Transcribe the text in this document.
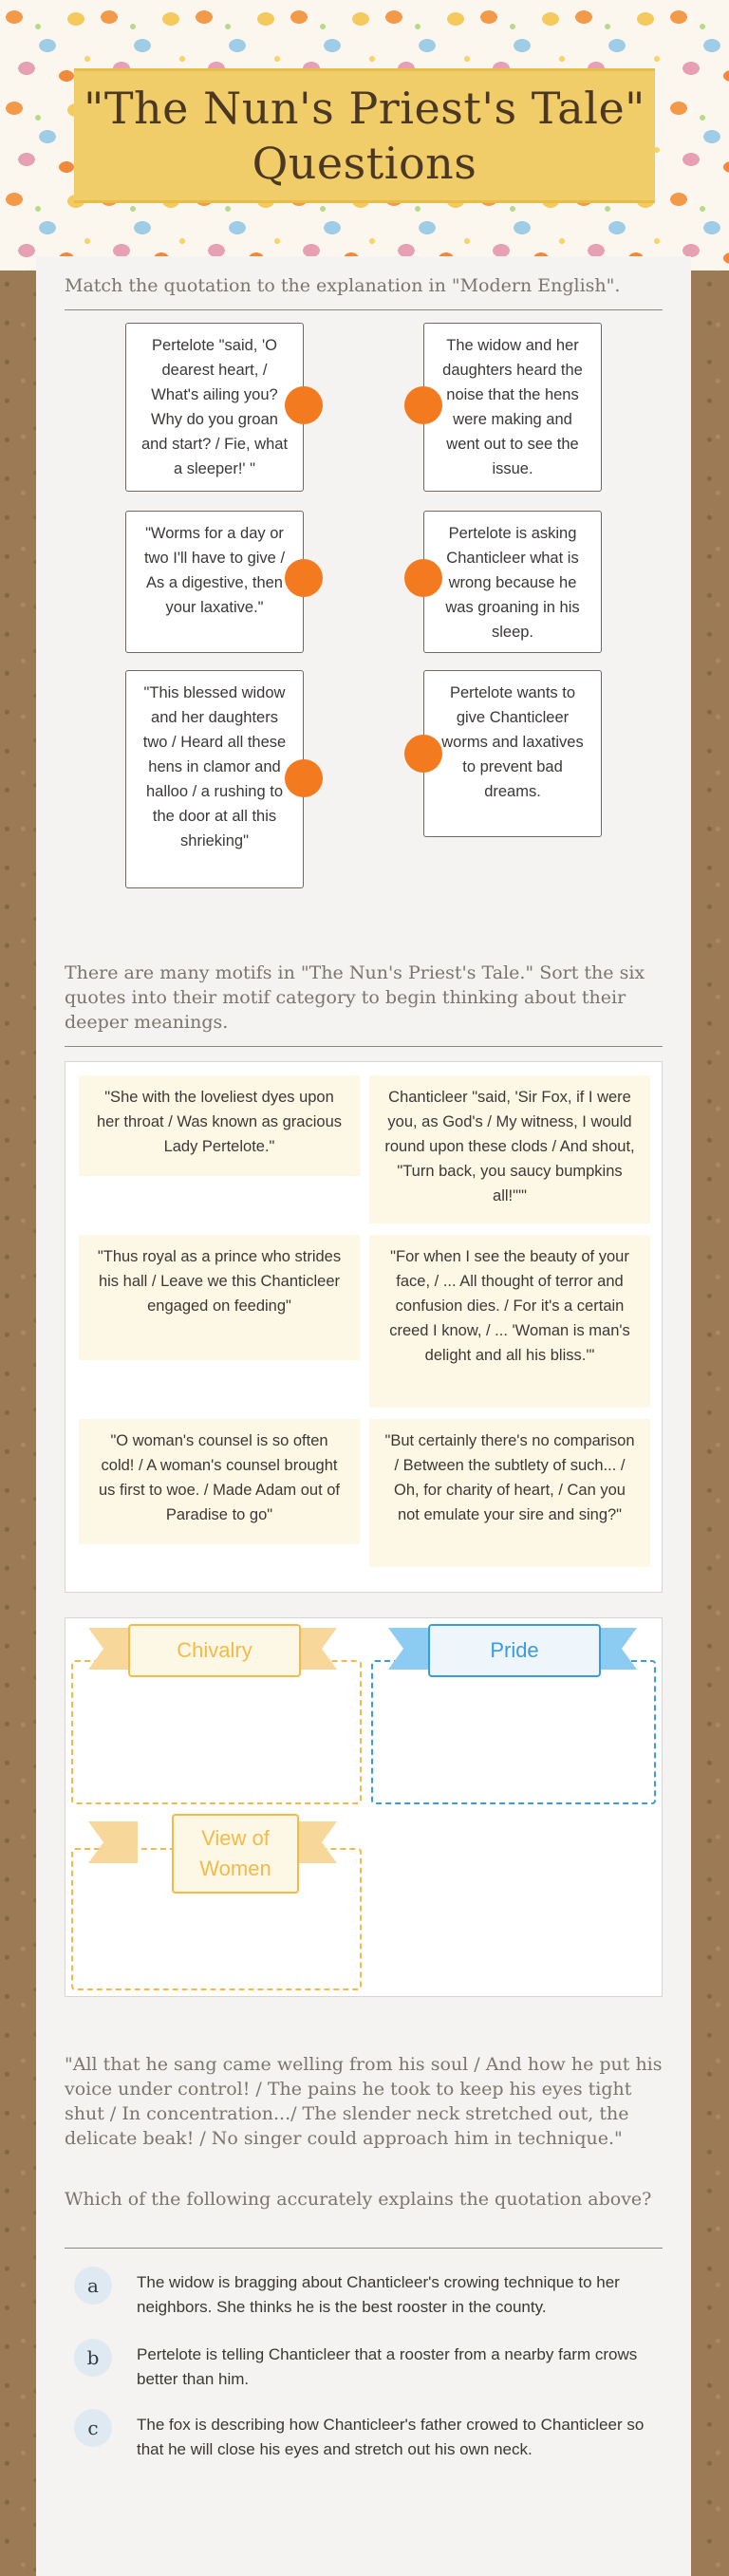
"The Nun's Priest's Tale" Questions
Match the quotation to the explanation in "Modern English".
Pertelote "said, 'O dearest heart, / What's ailing you? Why do you groan and start? / Fie, what a sleeper!' "
The widow and her daughters heard the noise that the hens were making and went out to see the issue.
"Worms for a day or two I'll have to give / As a digestive, then your laxative."
Pertelote is asking Chanticleer what is wrong because he was groaning in his sleep.
"This blessed widow and her daughters two / Heard all these hens in clamor and halloo / a rushing to the door at all this shrieking"
Pertelote wants to give Chanticleer worms and laxatives to prevent bad dreams.
There are many motifs in "The Nun's Priest's Tale." Sort the six quotes into their motif category to begin thinking about their deeper meanings.
"She with the loveliest dyes upon her throat / Was known as gracious Lady Pertelote."
Chanticleer "said, 'Sir Fox, if I were you, as God's / My witness, I would round upon these clods / And shout, "Turn back, you saucy bumpkins all!"'"
"Thus royal as a prince who strides his hall / Leave we this Chanticleer engaged on feeding"
"For when I see the beauty of your face, / ... All thought of terror and confusion dies. / For it's a certain creed I know, / ... 'Woman is man's delight and all his bliss.'"
"O woman's counsel is so often cold! / A woman's counsel brought us first to woe. / Made Adam out of Paradise to go"
"But certainly there's no comparison / Between the subtlety of such... / Oh, for charity of heart, / Can you not emulate your sire and sing?"
Chivalry	Pride
View of Women
"All that he sang came welling from his soul / And how he put his voice under control! / The pains he took to keep his eyes tight shut / In concentration.../ The slender neck stretched out, the delicate beak! / No singer could approach him in technique."
Which of the following accurately explains the quotation above?
a	The widow is bragging about Chanticleer's crowing technique to her neighbors. She thinks he is the best rooster in the county.
b	Pertelote is telling Chanticleer that a rooster from a nearby farm crows better than him.
c	The fox is describing how Chanticleer's father crowed to Chanticleer so that he will close his eyes and stretch out his own neck.
